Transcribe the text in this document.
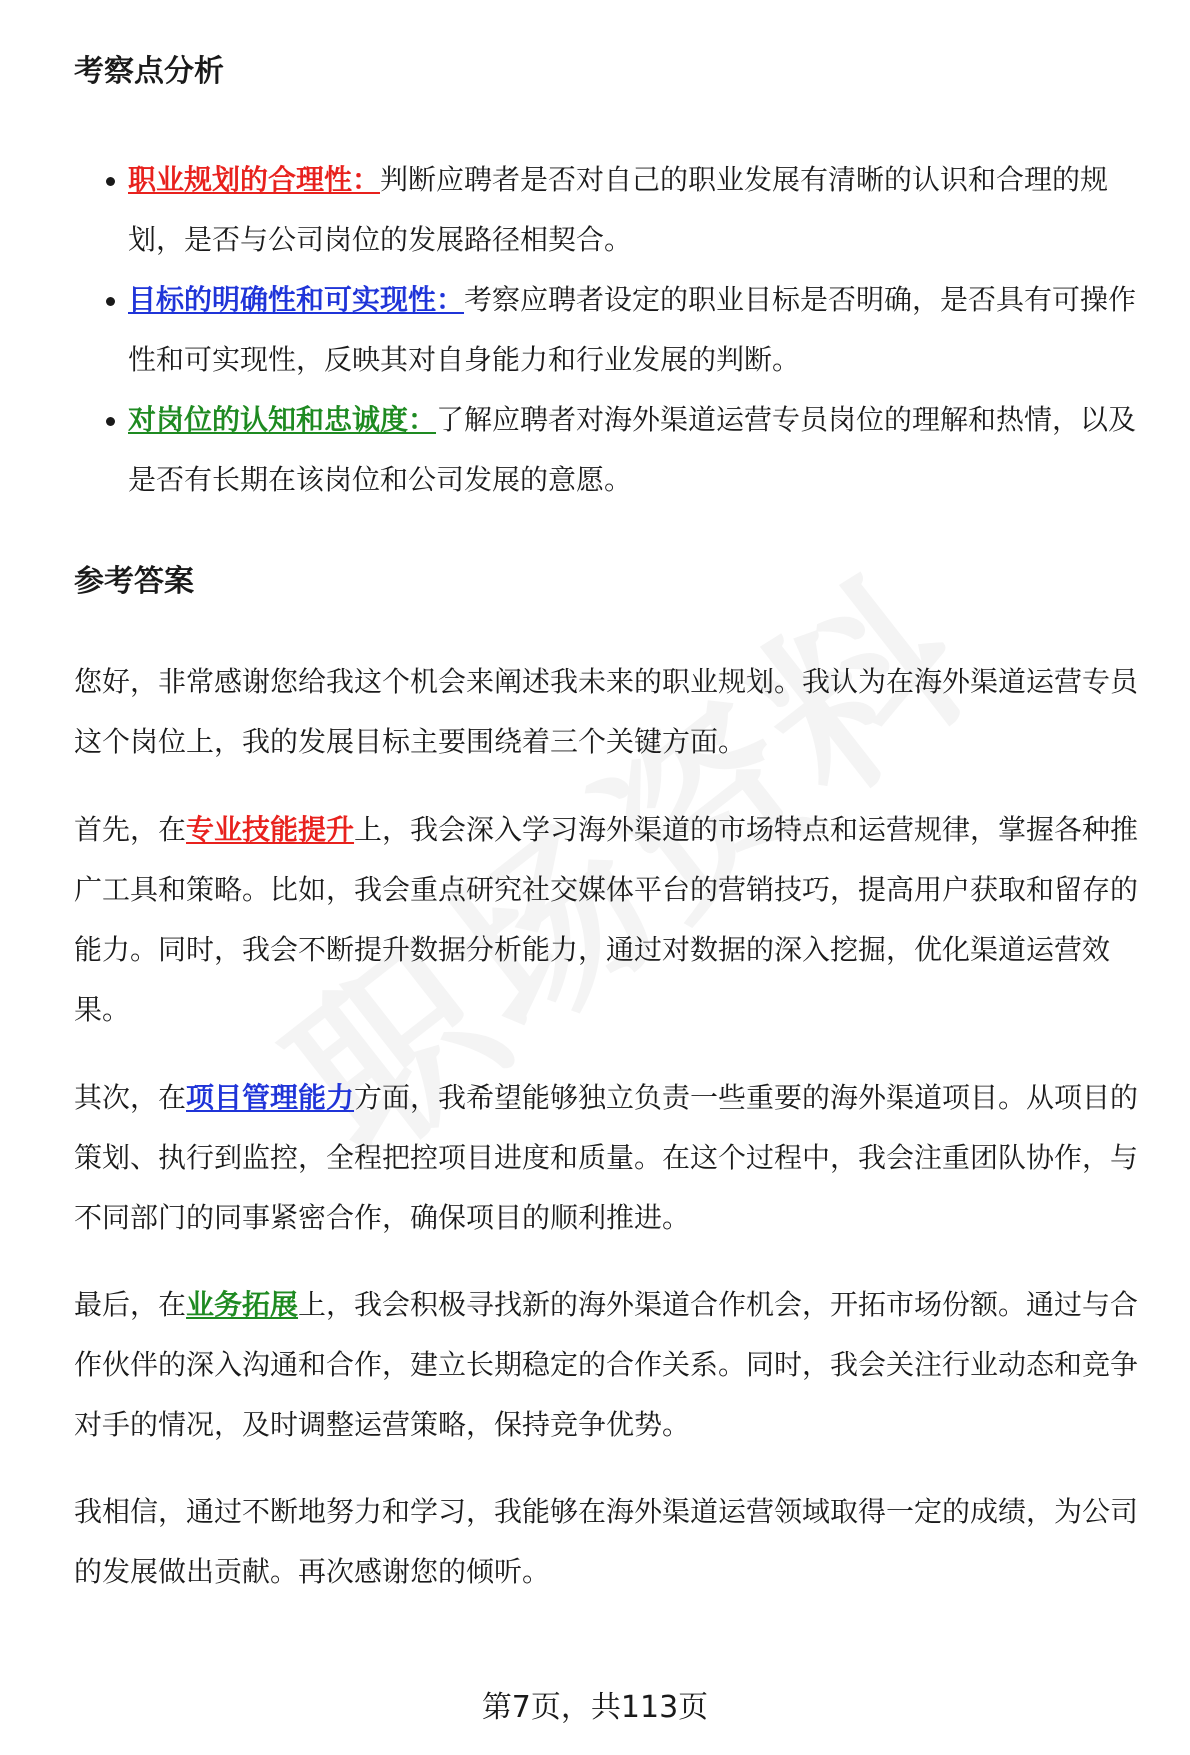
考察点分析
职业规划的合理性：判断应聘者是否对自己的职业发展有清晰的认识和合理的规划，是否与公司岗位的发展路径相契合。
目标的明确性和可实现性：考察应聘者设定的职业目标是否明确，是否具有可操作性和可实现性，反映其对自身能力和行业发展的判断。
对岗位的认知和忠诚度：了解应聘者对海外渠道运营专员岗位的理解和热情，以及是否有长期在该岗位和公司发展的意愿。
参考答案

您好，非常感谢您给我这个机会来阐述我未来的职业规划。我认为在海外渠道运营专员这个岗位上，我的发展目标主要围绕着三个关键方面。

首先，在专业技能提升上，我会深入学习海外渠道的市场特点和运营规律，掌握各种推广工具和策略。比如，我会重点研究社交媒体平台的营销技巧，提高用户获取和留存的能力。同时，我会不断提升数据分析能力，通过对数据的深入挖掘，优化渠道运营效果。

其次，在项目管理能力方面，我希望能够独立负责一些重要的海外渠道项目。从项目的策划、执行到监控，全程把控项目进度和质量。在这个过程中，我会注重团队协作，与不同部门的同事紧密合作，确保项目的顺利推进。

最后，在业务拓展上，我会积极寻找新的海外渠道合作机会，开拓市场份额。通过与合作伙伴的深入沟通和合作，建立长期稳定的合作关系。同时，我会关注行业动态和竞争对手的情况，及时调整运营策略，保持竞争优势。

我相信，通过不断地努力和学习，我能够在海外渠道运营领域取得一定的成绩，为公司的发展做出贡献。再次感谢您的倾听。

第7页，共113页
